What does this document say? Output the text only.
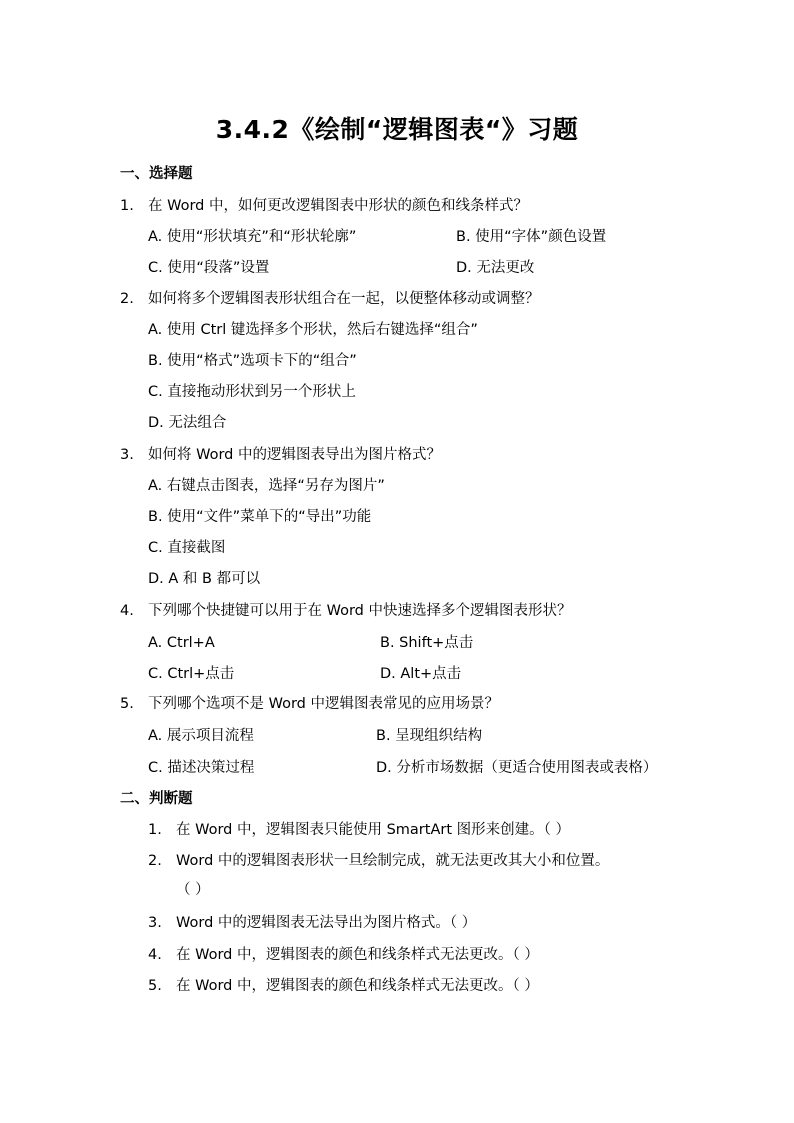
3.4.2《绘制“逻辑图表“》习题
一、选择题
1. 在 Word 中，如何更改逻辑图表中形状的颜色和线条样式？
A. 使用“形状填充”和“形状轮廓”	B. 使用“字体”颜色设置
C. 使用“段落”设置	D. 无法更改
2. 如何将多个逻辑图表形状组合在一起，以便整体移动或调整？
A. 使用 Ctrl 键选择多个形状，然后右键选择“组合”
B. 使用“格式”选项卡下的“组合”
C. 直接拖动形状到另一个形状上
D. 无法组合
3. 如何将 Word 中的逻辑图表导出为图片格式？
A. 右键点击图表，选择“另存为图片”
B. 使用“文件”菜单下的“导出”功能
C. 直接截图
D. A 和 B 都可以
4. 下列哪个快捷键可以用于在 Word 中快速选择多个逻辑图表形状？
A. Ctrl+A	B. Shift+点击
C. Ctrl+点击	D. Alt+点击
5. 下列哪个选项不是 Word 中逻辑图表常见的应用场景？
A. 展示项目流程	B. 呈现组织结构
C. 描述决策过程	D. 分析市场数据（更适合使用图表或表格）
二、判断题
1. 在 Word 中，逻辑图表只能使用 SmartArt 图形来创建。（ ）
2. Word 中的逻辑图表形状一旦绘制完成，就无法更改其大小和位置。
（ ）
3. Word 中的逻辑图表无法导出为图片格式。（ ）
4. 在 Word 中，逻辑图表的颜色和线条样式无法更改。（ ）
5. 在 Word 中，逻辑图表的颜色和线条样式无法更改。（ ）
